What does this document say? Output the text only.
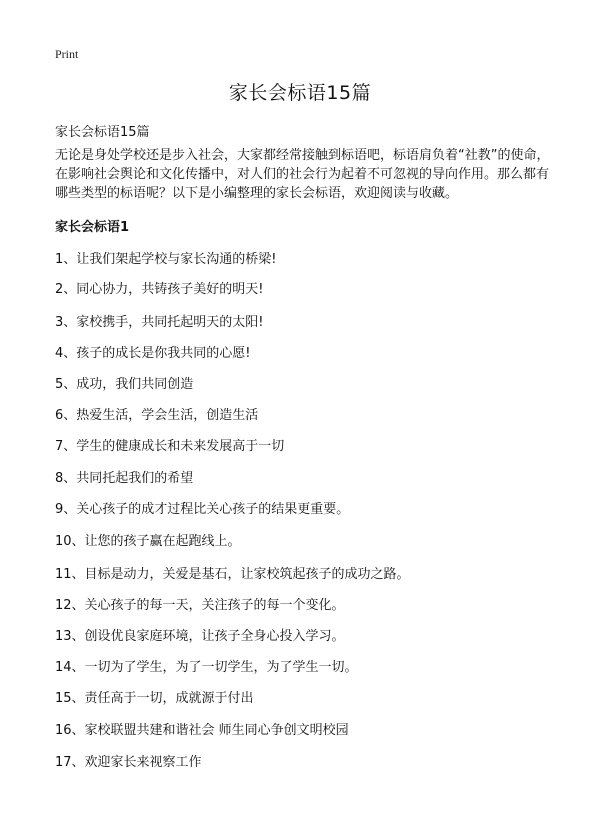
Print
家长会标语15篇
家长会标语15篇
无论是身处学校还是步入社会，大家都经常接触到标语吧，标语肩负着“社教”的使命，在影响社会舆论和文化传播中，对人们的社会行为起着不可忽视的导向作用。那么都有哪些类型的标语呢？以下是小编整理的家长会标语，欢迎阅读与收藏。
家长会标语1
1、让我们架起学校与家长沟通的桥梁!
2、同心协力，共铸孩子美好的明天!
3、家校携手，共同托起明天的太阳!
4、孩子的成长是你我共同的心愿!
5、成功，我们共同创造
6、热爱生活，学会生活，创造生活
7、学生的健康成长和未来发展高于一切
8、共同托起我们的希望
9、关心孩子的成才过程比关心孩子的结果更重要。
10、让您的孩子赢在起跑线上。
11、目标是动力，关爱是基石，让家校筑起孩子的成功之路。
12、关心孩子的每一天，关注孩子的每一个变化。
13、创设优良家庭环境，让孩子全身心投入学习。
14、一切为了学生，为了一切学生，为了学生一切。
15、责任高于一切，成就源于付出
16、家校联盟共建和谐社会 师生同心争创文明校园
17、欢迎家长来视察工作
